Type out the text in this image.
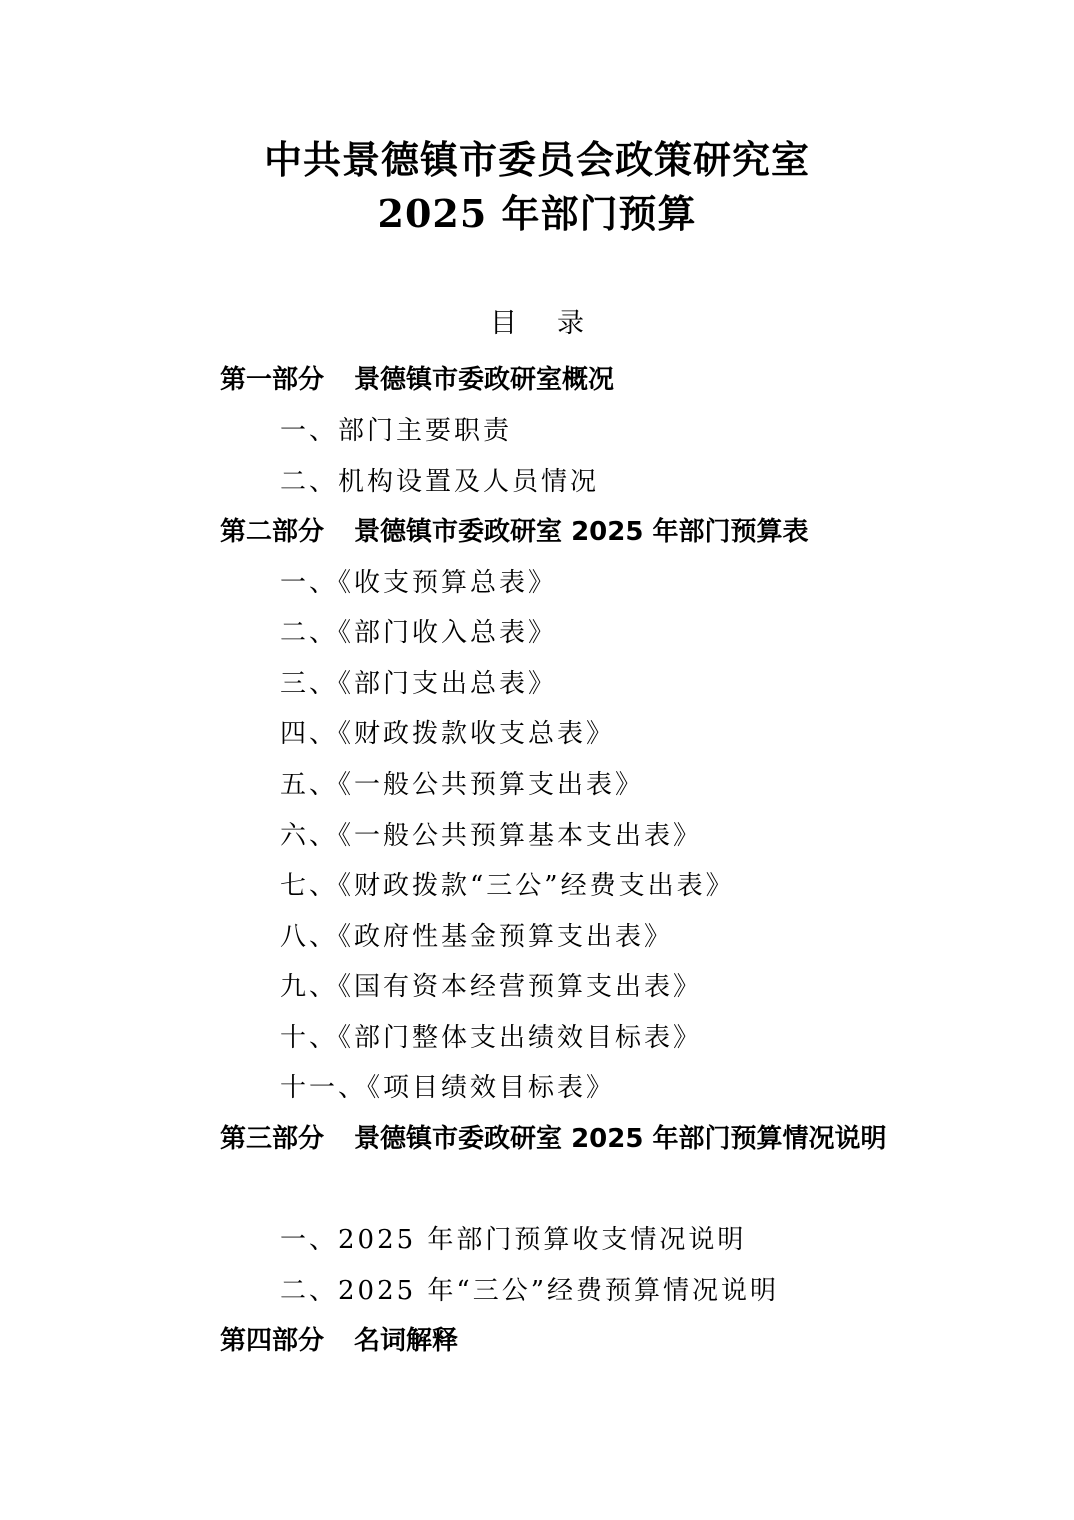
中共景德镇市委员会政策研究室
2025 年部门预算
目录
第一部分 景德镇市委政研室概况
一、部门主要职责
二、机构设置及人员情况
第二部分 景德镇市委政研室 2025 年部门预算表
一、《收支预算总表》
二、《部门收入总表》
三、《部门支出总表》
四、《财政拨款收支总表》
五、《一般公共预算支出表》
六、《一般公共预算基本支出表》
七、《财政拨款“三公”经费支出表》
八、《政府性基金预算支出表》
九、《国有资本经营预算支出表》
十、《部门整体支出绩效目标表》
十一、《项目绩效目标表》
第三部分 景德镇市委政研室 2025 年部门预算情况说明
一、2025 年部门预算收支情况说明
二、2025 年“三公”经费预算情况说明
第四部分 名词解释
